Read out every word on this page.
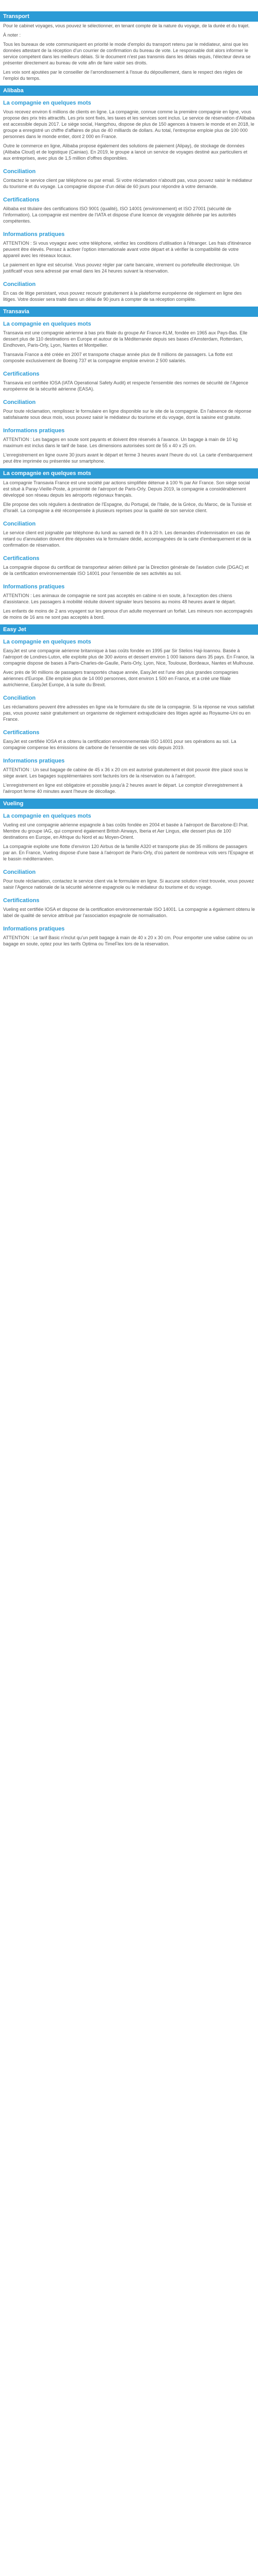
Transport

Pour le cabinet voyages, vous pouvez le sélectionner, en tenant compte de la nature du voyage, de la durée et du trajet.

À noter :

Tous les bureaux de vote communiquent en priorité le mode d'emploi du transport retenu par le médiateur, ainsi que les données attestant de la réception d'un courrier de confirmation du bureau de vote. Le responsable doit alors informer le service compétent dans les meilleurs délais. Si le document n'est pas transmis dans les délais requis, l'électeur devra se présenter directement au bureau de vote afin de faire valoir ses droits.

Les voix sont ajoutées par le conseiller de l'arrondissement à l'issue du dépouillement, dans le respect des règles de l'emploi du temps.

Alibaba
La compagnie en quelques mots

Vous recevez environ 6 millions de clients en ligne. La compagnie, connue comme la première compagnie en ligne, vous propose des prix très attractifs. Les prix sont fixés, les taxes et les services sont inclus. Le service de réservation d'Alibaba est accessible depuis 2017. Le siège social, Hangzhou, dispose de plus de 150 agences à travers le monde et en 2018, le groupe a enregistré un chiffre d'affaires de plus de 40 milliards de dollars. Au total, l'entreprise emploie plus de 100 000 personnes dans le monde entier, dont 2 000 en France.

Outre le commerce en ligne, Alibaba propose également des solutions de paiement (Alipay), de stockage de données (Alibaba Cloud) et de logistique (Cainiao). En 2019, le groupe a lancé un service de voyages destiné aux particuliers et aux entreprises, avec plus de 1,5 million d'offres disponibles.

Conciliation

Contactez le service client par téléphone ou par email. Si votre réclamation n'aboutit pas, vous pouvez saisir le médiateur du tourisme et du voyage. La compagnie dispose d'un délai de 60 jours pour répondre à votre demande.

Certifications

Alibaba est titulaire des certifications ISO 9001 (qualité), ISO 14001 (environnement) et ISO 27001 (sécurité de l'information). La compagnie est membre de l'IATA et dispose d'une licence de voyagiste délivrée par les autorités compétentes.

Informations pratiques

ATTENTION : Si vous voyagez avec votre téléphone, vérifiez les conditions d'utilisation à l'étranger. Les frais d'itinérance peuvent être élevés. Pensez à activer l'option internationale avant votre départ et à vérifier la compatibilité de votre appareil avec les réseaux locaux.

Le paiement en ligne est sécurisé. Vous pouvez régler par carte bancaire, virement ou portefeuille électronique. Un justificatif vous sera adressé par email dans les 24 heures suivant la réservation.

Conciliation

En cas de litige persistant, vous pouvez recourir gratuitement à la plateforme européenne de règlement en ligne des litiges. Votre dossier sera traité dans un délai de 90 jours à compter de sa réception complète.

Transavia
La compagnie en quelques mots

Transavia est une compagnie aérienne à bas prix filiale du groupe Air France-KLM, fondée en 1965 aux Pays-Bas. Elle dessert plus de 110 destinations en Europe et autour de la Méditerranée depuis ses bases d'Amsterdam, Rotterdam, Eindhoven, Paris-Orly, Lyon, Nantes et Montpellier.

Transavia France a été créée en 2007 et transporte chaque année plus de 8 millions de passagers. La flotte est composée exclusivement de Boeing 737 et la compagnie emploie environ 2 500 salariés.

Certifications

Transavia est certifiée IOSA (IATA Operational Safety Audit) et respecte l'ensemble des normes de sécurité de l'Agence européenne de la sécurité aérienne (EASA).

Conciliation

Pour toute réclamation, remplissez le formulaire en ligne disponible sur le site de la compagnie. En l'absence de réponse satisfaisante sous deux mois, vous pouvez saisir le médiateur du tourisme et du voyage, dont la saisine est gratuite.

Informations pratiques

ATTENTION : Les bagages en soute sont payants et doivent être réservés à l'avance. Un bagage à main de 10 kg maximum est inclus dans le tarif de base. Les dimensions autorisées sont de 55 x 40 x 25 cm.

L'enregistrement en ligne ouvre 30 jours avant le départ et ferme 3 heures avant l'heure du vol. La carte d'embarquement peut être imprimée ou présentée sur smartphone.

La compagnie en quelques mots

La compagnie Transavia France est une société par actions simplifiée détenue à 100 % par Air France. Son siège social est situé à Paray-Vieille-Poste, à proximité de l'aéroport de Paris-Orly. Depuis 2019, la compagnie a considérablement développé son réseau depuis les aéroports régionaux français.

Elle propose des vols réguliers à destination de l'Espagne, du Portugal, de l'Italie, de la Grèce, du Maroc, de la Tunisie et d'Israël. La compagnie a été récompensée à plusieurs reprises pour la qualité de son service client.

Conciliation

Le service client est joignable par téléphone du lundi au samedi de 8 h à 20 h. Les demandes d'indemnisation en cas de retard ou d'annulation doivent être déposées via le formulaire dédié, accompagnées de la carte d'embarquement et de la confirmation de réservation.

Certifications

La compagnie dispose du certificat de transporteur aérien délivré par la Direction générale de l'aviation civile (DGAC) et de la certification environnementale ISO 14001 pour l'ensemble de ses activités au sol.

Informations pratiques

ATTENTION : Les animaux de compagnie ne sont pas acceptés en cabine ni en soute, à l'exception des chiens d'assistance. Les passagers à mobilité réduite doivent signaler leurs besoins au moins 48 heures avant le départ.

Les enfants de moins de 2 ans voyagent sur les genoux d'un adulte moyennant un forfait. Les mineurs non accompagnés de moins de 16 ans ne sont pas acceptés à bord.

Easy Jet
La compagnie en quelques mots

EasyJet est une compagnie aérienne britannique à bas coûts fondée en 1995 par Sir Stelios Haji-Ioannou. Basée à l'aéroport de Londres-Luton, elle exploite plus de 300 avions et dessert environ 1 000 liaisons dans 35 pays. En France, la compagnie dispose de bases à Paris-Charles-de-Gaulle, Paris-Orly, Lyon, Nice, Toulouse, Bordeaux, Nantes et Mulhouse.

Avec près de 90 millions de passagers transportés chaque année, EasyJet est l'une des plus grandes compagnies aériennes d'Europe. Elle emploie plus de 14 000 personnes, dont environ 1 500 en France, et a créé une filiale autrichienne, EasyJet Europe, à la suite du Brexit.

Conciliation

Les réclamations peuvent être adressées en ligne via le formulaire du site de la compagnie. Si la réponse ne vous satisfait pas, vous pouvez saisir gratuitement un organisme de règlement extrajudiciaire des litiges agréé au Royaume-Uni ou en France.

Certifications

EasyJet est certifiée IOSA et a obtenu la certification environnementale ISO 14001 pour ses opérations au sol. La compagnie compense les émissions de carbone de l'ensemble de ses vols depuis 2019.

Informations pratiques

ATTENTION : Un seul bagage de cabine de 45 x 36 x 20 cm est autorisé gratuitement et doit pouvoir être placé sous le siège avant. Les bagages supplémentaires sont facturés lors de la réservation ou à l'aéroport.

L'enregistrement en ligne est obligatoire et possible jusqu'à 2 heures avant le départ. Le comptoir d'enregistrement à l'aéroport ferme 40 minutes avant l'heure de décollage.

Vueling
La compagnie en quelques mots

Vueling est une compagnie aérienne espagnole à bas coûts fondée en 2004 et basée à l'aéroport de Barcelone-El Prat. Membre du groupe IAG, qui comprend également British Airways, Iberia et Aer Lingus, elle dessert plus de 100 destinations en Europe, en Afrique du Nord et au Moyen-Orient.

La compagnie exploite une flotte d'environ 120 Airbus de la famille A320 et transporte plus de 35 millions de passagers par an. En France, Vueling dispose d'une base à l'aéroport de Paris-Orly, d'où partent de nombreux vols vers l'Espagne et le bassin méditerranéen.

Conciliation

Pour toute réclamation, contactez le service client via le formulaire en ligne. Si aucune solution n'est trouvée, vous pouvez saisir l'Agence nationale de la sécurité aérienne espagnole ou le médiateur du tourisme et du voyage.

Certifications

Vueling est certifiée IOSA et dispose de la certification environnementale ISO 14001. La compagnie a également obtenu le label de qualité de service attribué par l'association espagnole de normalisation.

Informations pratiques

ATTENTION : Le tarif Basic n'inclut qu'un petit bagage à main de 40 x 20 x 30 cm. Pour emporter une valise cabine ou un bagage en soute, optez pour les tarifs Optima ou TimeFlex lors de la réservation.
